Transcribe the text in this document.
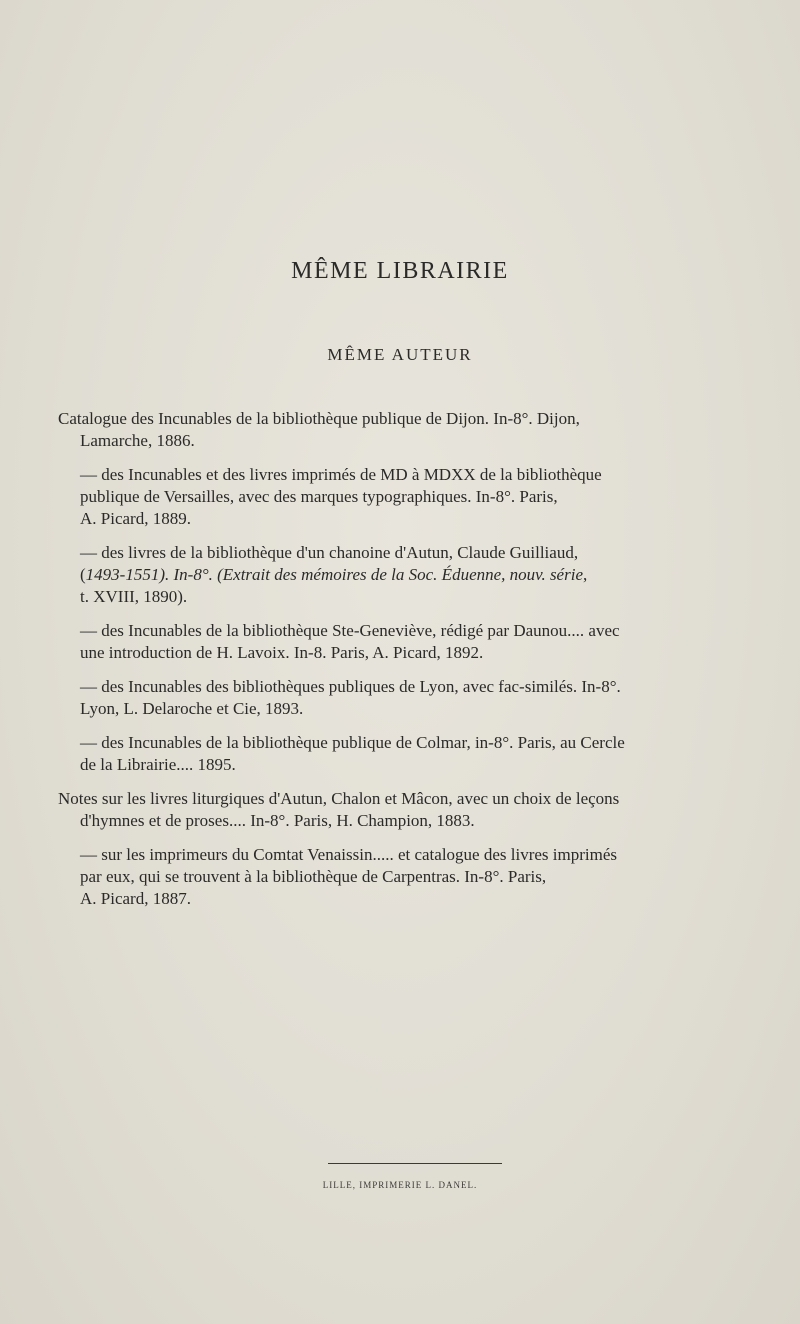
MÊME LIBRAIRIE
MÊME AUTEUR
Catalogue des Incunables de la bibliothèque publique de Dijon. In-8°. Dijon,
Lamarche, 1886.
— des Incunables et des livres imprimés de MD à MDXX de la bibliothèque
publique de Versailles, avec des marques typographiques. In-8°. Paris,
A. Picard, 1889.
— des livres de la bibliothèque d'un chanoine d'Autun, Claude Guilliaud,
(1493-1551). In-8°. (Extrait des mémoires de la Soc. Éduenne, nouv. série,
t. XVIII, 1890).
— des Incunables de la bibliothèque Ste-Geneviève, rédigé par Daunou.... avec
une introduction de H. Lavoix. In-8. Paris, A. Picard, 1892.
— des Incunables des bibliothèques publiques de Lyon, avec fac-similés. In-8°.
Lyon, L. Delaroche et Cie, 1893.
— des Incunables de la bibliothèque publique de Colmar, in-8°. Paris, au Cercle
de la Librairie.... 1895.
Notes sur les livres liturgiques d'Autun, Chalon et Mâcon, avec un choix de leçons
d'hymnes et de proses.... In-8°. Paris, H. Champion, 1883.
— sur les imprimeurs du Comtat Venaissin..... et catalogue des livres imprimés
par eux, qui se trouvent à la bibliothèque de Carpentras. In-8°. Paris,
A. Picard, 1887.
LILLE, IMPRIMERIE L. DANEL.
